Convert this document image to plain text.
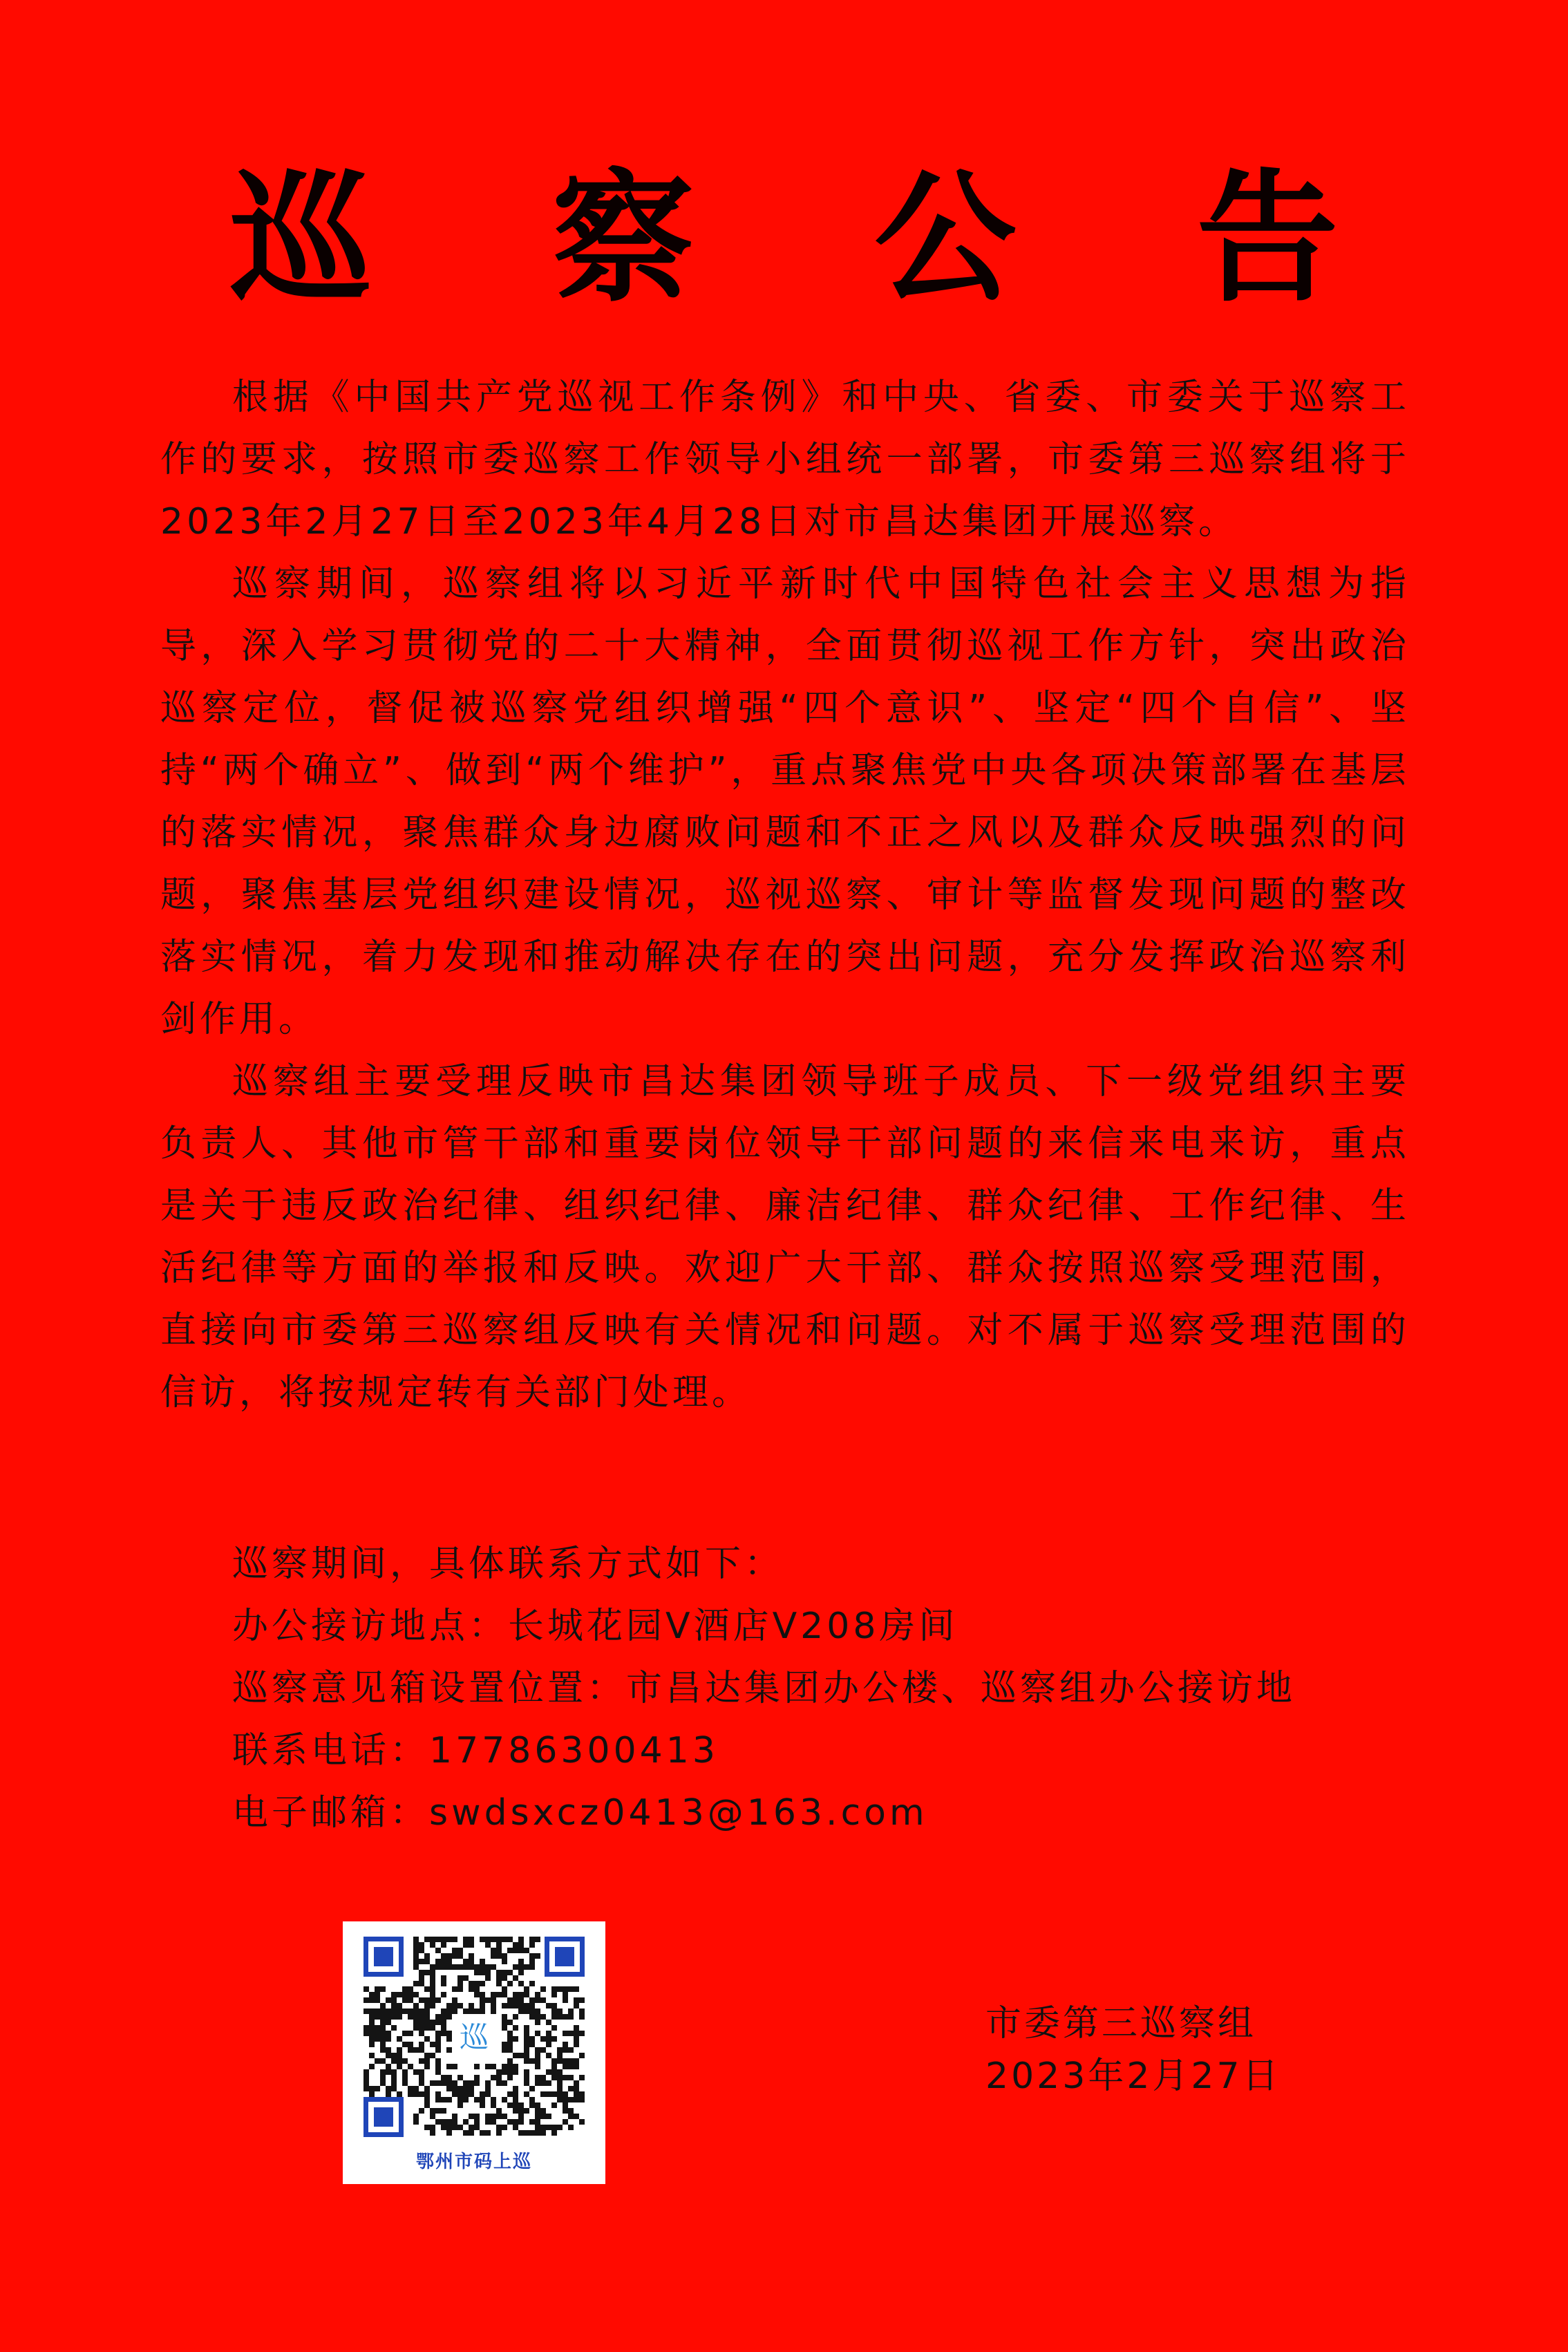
巡 察 公 告

根据《中国共产党巡视工作条例》和中央、省委、市委关于巡察工作的要求，按照市委巡察工作领导小组统一部署，市委第三巡察组将于2023年2月27日至2023年4月28日对市昌达集团开展巡察。

巡察期间，巡察组将以习近平新时代中国特色社会主义思想为指导，深入学习贯彻党的二十大精神，全面贯彻巡视工作方针，突出政治巡察定位，督促被巡察党组织增强“四个意识”、坚定“四个自信”、坚持“两个确立”、做到“两个维护”，重点聚焦党中央各项决策部署在基层的落实情况，聚焦群众身边腐败问题和不正之风以及群众反映强烈的问题，聚焦基层党组织建设情况，巡视巡察、审计等监督发现问题的整改落实情况，着力发现和推动解决存在的突出问题，充分发挥政治巡察利剑作用。

巡察组主要受理反映市昌达集团领导班子成员、下一级党组织主要负责人、其他市管干部和重要岗位领导干部问题的来信来电来访，重点是关于违反政治纪律、组织纪律、廉洁纪律、群众纪律、工作纪律、生活纪律等方面的举报和反映。欢迎广大干部、群众按照巡察受理范围，直接向市委第三巡察组反映有关情况和问题。对不属于巡察受理范围的信访，将按规定转有关部门处理。

巡察期间，具体联系方式如下：

办公接访地点：长城花园V酒店V208房间

巡察意见箱设置位置：市昌达集团办公楼、巡察组办公接访地

联系电话：17786300413

电子邮箱：swdsxcz0413@163.com

巡
鄂州市码上巡
市委第三巡察组
2023年2月27日
